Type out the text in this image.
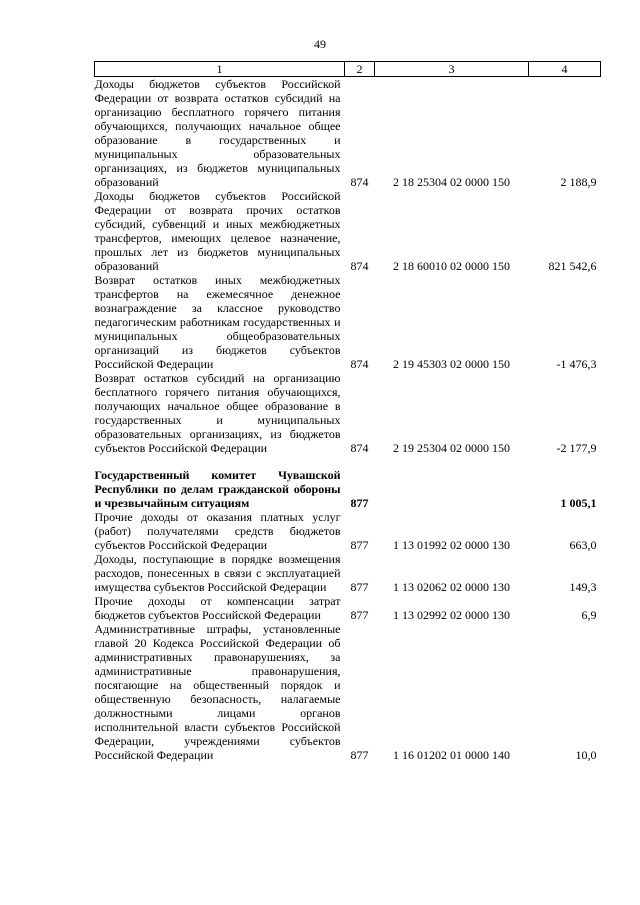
49
1	2	3	4
Доходы бюджетов субъектов Российской Федерации от возврата остатков субсидий на организацию бесплатного горячего питания обучающихся, получающих начальное общее образование в государственных и муниципальных образовательных организациях, из бюджетов муниципальных образований	874	2 18 25304 02 0000 150	2 188,9
Доходы бюджетов субъектов Российской Федерации от возврата прочих остатков субсидий, субвенций и иных межбюджетных трансфертов, имеющих целевое назначение, прошлых лет из бюджетов муниципальных образований	874	2 18 60010 02 0000 150	821 542,6
Возврат остатков иных межбюджетных трансфертов на ежемесячное денежное вознаграждение за классное руководство педагогическим работникам государственных и муниципальных общеобразовательных организаций из бюджетов субъектов Российской Федерации	874	2 19 45303 02 0000 150	-1 476,3
Возврат остатков субсидий на организацию бесплатного горячего питания обучающихся, получающих начальное общее образование в государственных и муниципальных образовательных организациях, из бюджетов субъектов Российской Федерации	874	2 19 25304 02 0000 150	-2 177,9

Государственный комитет Чувашской Республики по делам гражданской обороны и чрезвычайным ситуациям	877		1 005,1
Прочие доходы от оказания платных услуг (работ) получателями средств бюджетов субъектов Российской Федерации	877	1 13 01992 02 0000 130	663,0
Доходы, поступающие в порядке возмещения расходов, понесенных в связи с эксплуатацией имущества субъектов Российской Федерации	877	1 13 02062 02 0000 130	149,3
Прочие доходы от компенсации затрат бюджетов субъектов Российской Федерации	877	1 13 02992 02 0000 130	6,9
Административные штрафы, установленные главой 20 Кодекса Российской Федерации об административных правонарушениях, за административные правонарушения, посягающие на общественный порядок и общественную безопасность, налагаемые должностными лицами органов исполнительной власти субъектов Российской Федерации, учреждениями субъектов Российской Федерации	877	1 16 01202 01 0000 140	10,0
